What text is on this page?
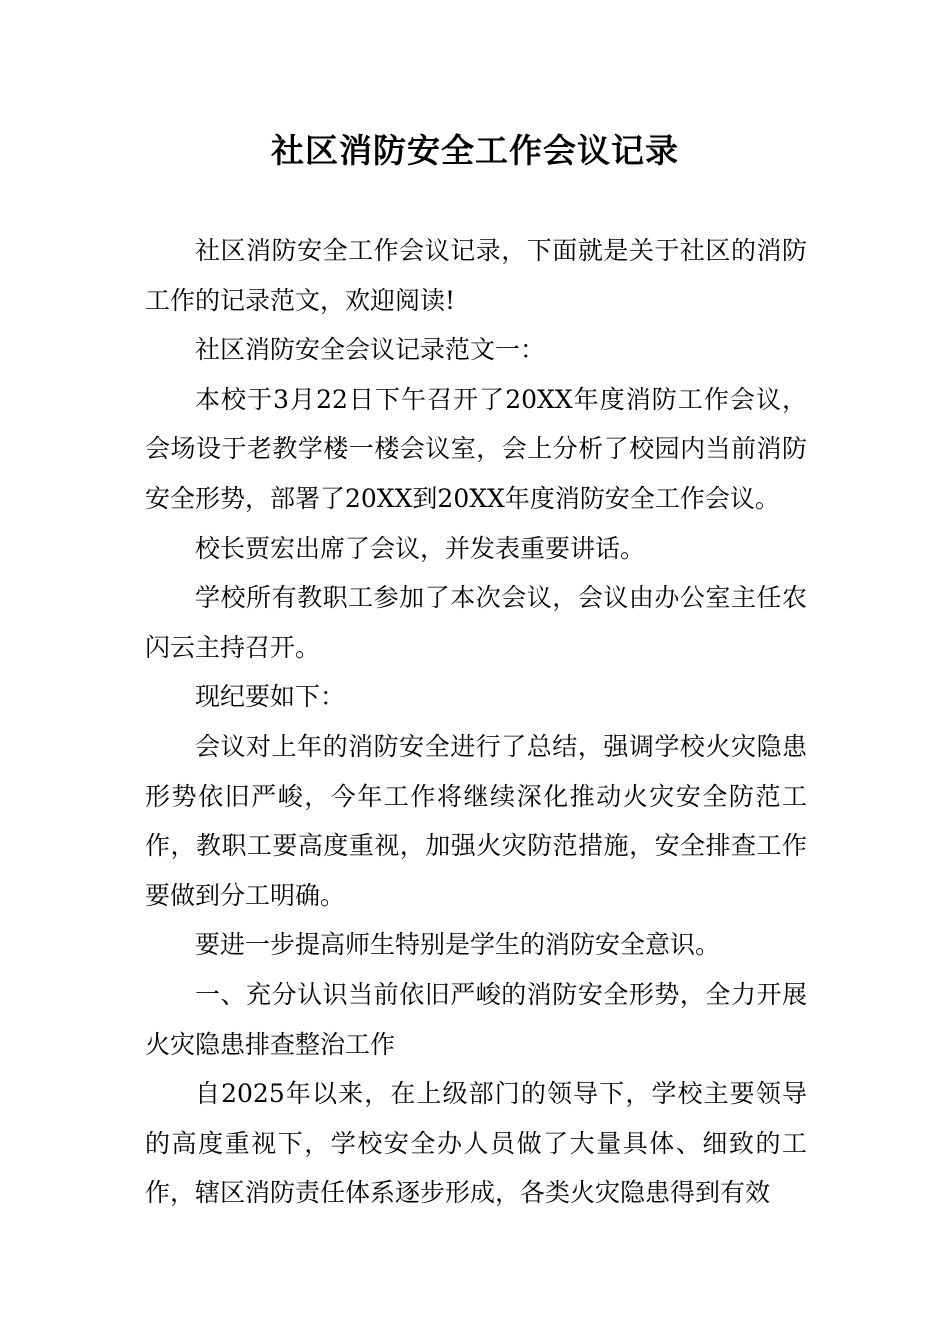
社区消防安全工作会议记录

社区消防安全工作会议记录，下面就是关于社区的消防工作的记录范文，欢迎阅读!

社区消防安全会议记录范文一：

本校于3月22日下午召开了20XX年度消防工作会议，会场设于老教学楼一楼会议室，会上分析了校园内当前消防安全形势，部署了20XX到20XX年度消防安全工作会议。

校长贾宏出席了会议，并发表重要讲话。

学校所有教职工参加了本次会议，会议由办公室主任农闪云主持召开。

现纪要如下：

会议对上年的消防安全进行了总结，强调学校火灾隐患形势依旧严峻，今年工作将继续深化推动火灾安全防范工作，教职工要高度重视，加强火灾防范措施，安全排查工作要做到分工明确。

要进一步提高师生特别是学生的消防安全意识。

一、充分认识当前依旧严峻的消防安全形势，全力开展火灾隐患排查整治工作

自2025年以来，在上级部门的领导下，学校主要领导的高度重视下，学校安全办人员做了大量具体、细致的工作，辖区消防责任体系逐步形成，各类火灾隐患得到有效
